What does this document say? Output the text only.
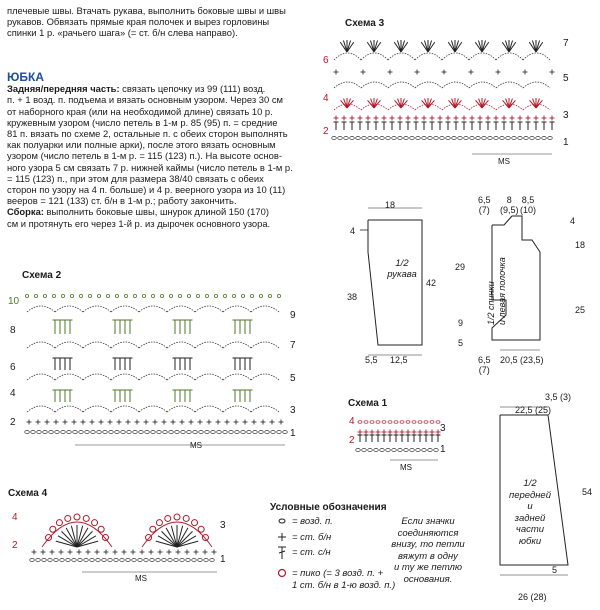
плечевые швы. Втачать рукава, выполнить боковые швы и швы

рукавов. Обвязать прямые края полочек и вырез горловины

спинки 1 р. «рачьего шага» (= ст. б/н слева направо).

ЮБКА

Задняя/передняя часть: связать цепочку из 99 (111) возд.

п. + 1 возд. п. подъема и вязать основным узором. Через 30 см

от наборного края (или на необходимой длине) связать 10 р.

кружевным узором (число петель в 1-м р. 85 (95) п. = средние

81 п. вязать по схеме 2, остальные п. с обеих сторон выполнять

как полуарки или полные арки), после этого вязать основным

узором (число петель в 1-м р. = 115 (123) п.). На высоте основ-

ного узора 5 см связать 7 р. нижней каймы (число петель в 1-м р.

= 115 (123) п., при этом для размера 38/40 связать с обеих

сторон по узору на 4 п. больше) и 4 р. веерного узора из 10 (11)

вееров = 121 (133) ст. б/н в 1-м р.; работу закончить.

Сборка: выполнить боковые швы, шнурок длиной 150 (170)

см и протянуть его через 1-й р. из дырочек основного узора.

Схема 3
7
6
5
4
3
2
1
MS
18
4
38
42
1/2
рукава
5,5 12,5
6,5
(7)
8
(9,5)
8,5
(10)
4
29
18
25
9
5
1/2 спинки и левая полочка
6,5
(7)
20,5 (23,5)
Схема 2
10
9
8
7
6
5
4
3
2
1
MS
Схема 1
4
3
2
1
MS
3,5 (3)
22,5 (25)
1/2
передней
и
задней
части юбки
54
5
26 (28)
Схема 4
4
3
2
1
MS
Условные обозначения
= возд. п.
= ст. б/н
= ст. с/н
= пико (= 3 возд. п. +
1 ст. б/н в 1-ю возд. п.)
Если значки
соединяются
внизу, то петли
вяжут в одну
и ту же петлю
основания.
